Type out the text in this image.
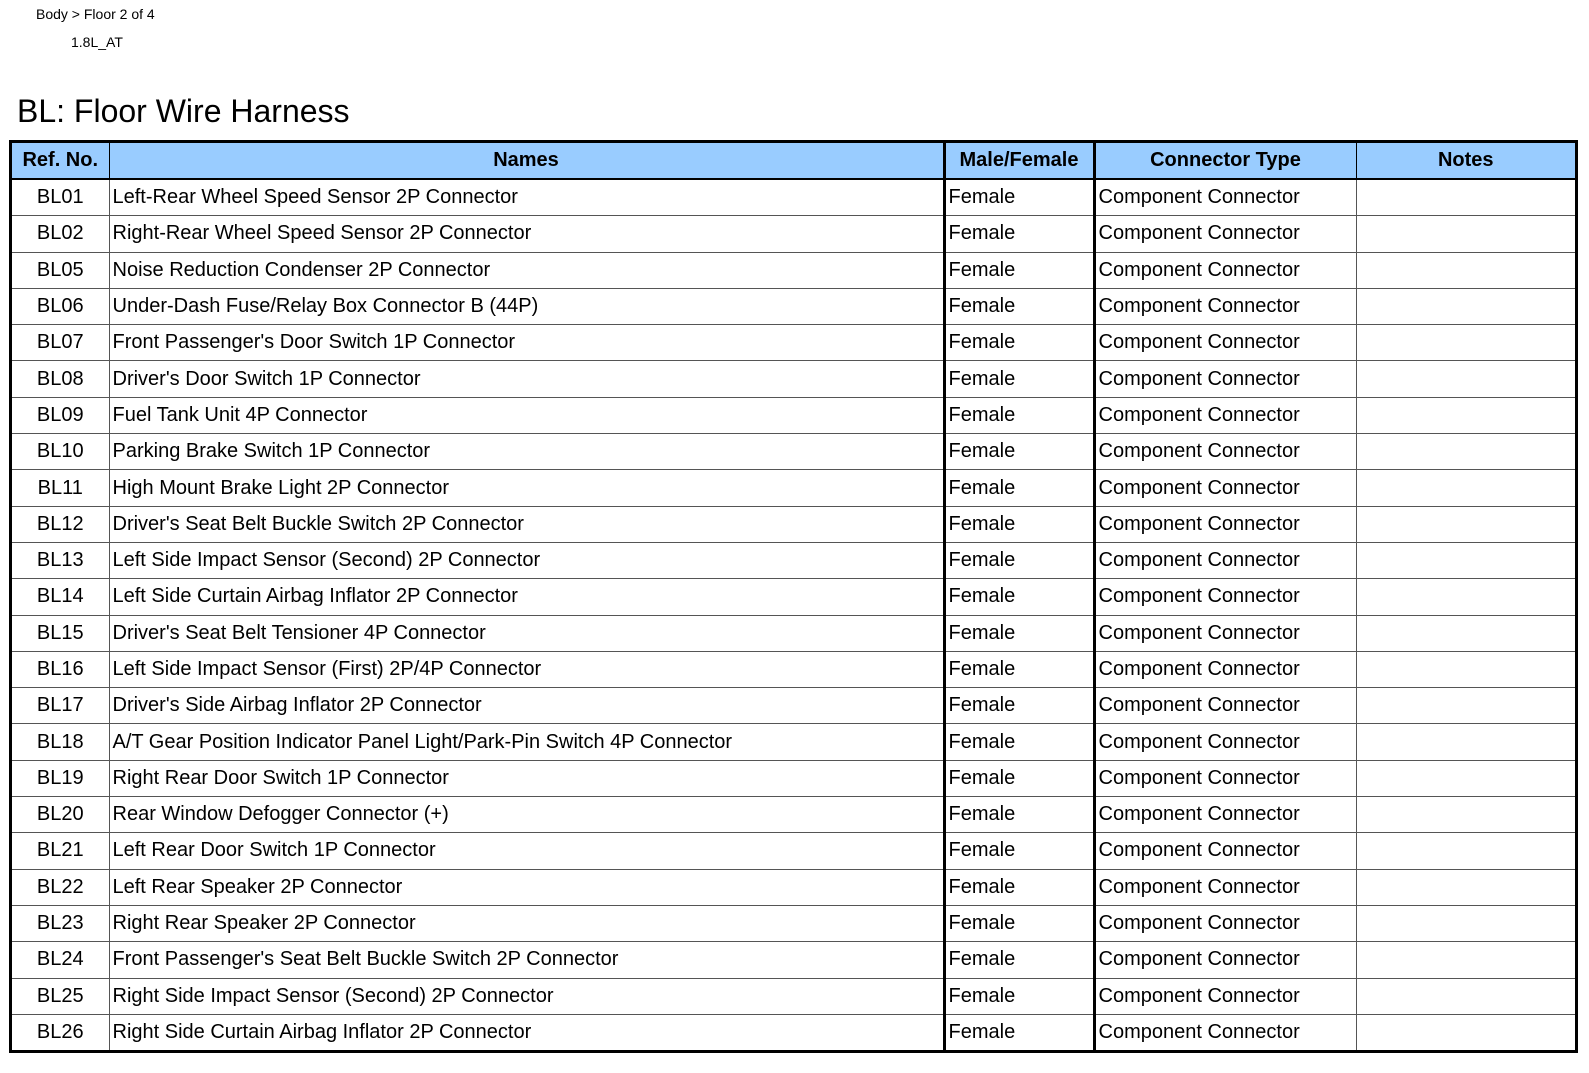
Body > Floor 2 of 4
1.8L_AT
BL: Floor Wire Harness
Ref. No.	Names	Male/Female	Connector Type	Notes
BL01	Left-Rear Wheel Speed Sensor 2P Connector	Female	Component Connector	
BL02	Right-Rear Wheel Speed Sensor 2P Connector	Female	Component Connector	
BL05	Noise Reduction Condenser 2P Connector	Female	Component Connector	
BL06	Under-Dash Fuse/Relay Box Connector B (44P)	Female	Component Connector	
BL07	Front Passenger's Door Switch 1P Connector	Female	Component Connector	
BL08	Driver's Door Switch 1P Connector	Female	Component Connector	
BL09	Fuel Tank Unit 4P Connector	Female	Component Connector	
BL10	Parking Brake Switch 1P Connector	Female	Component Connector	
BL11	High Mount Brake Light 2P Connector	Female	Component Connector	
BL12	Driver's Seat Belt Buckle Switch 2P Connector	Female	Component Connector	
BL13	Left Side Impact Sensor (Second) 2P Connector	Female	Component Connector	
BL14	Left Side Curtain Airbag Inflator 2P Connector	Female	Component Connector	
BL15	Driver's Seat Belt Tensioner 4P Connector	Female	Component Connector	
BL16	Left Side Impact Sensor (First) 2P/4P Connector	Female	Component Connector	
BL17	Driver's Side Airbag Inflator 2P Connector	Female	Component Connector	
BL18	A/T Gear Position Indicator Panel Light/Park-Pin Switch 4P Connector	Female	Component Connector	
BL19	Right Rear Door Switch 1P Connector	Female	Component Connector	
BL20	Rear Window Defogger Connector (+)	Female	Component Connector	
BL21	Left Rear Door Switch 1P Connector	Female	Component Connector	
BL22	Left Rear Speaker 2P Connector	Female	Component Connector	
BL23	Right Rear Speaker 2P Connector	Female	Component Connector	
BL24	Front Passenger's Seat Belt Buckle Switch 2P Connector	Female	Component Connector	
BL25	Right Side Impact Sensor (Second) 2P Connector	Female	Component Connector	
BL26	Right Side Curtain Airbag Inflator 2P Connector	Female	Component Connector	
